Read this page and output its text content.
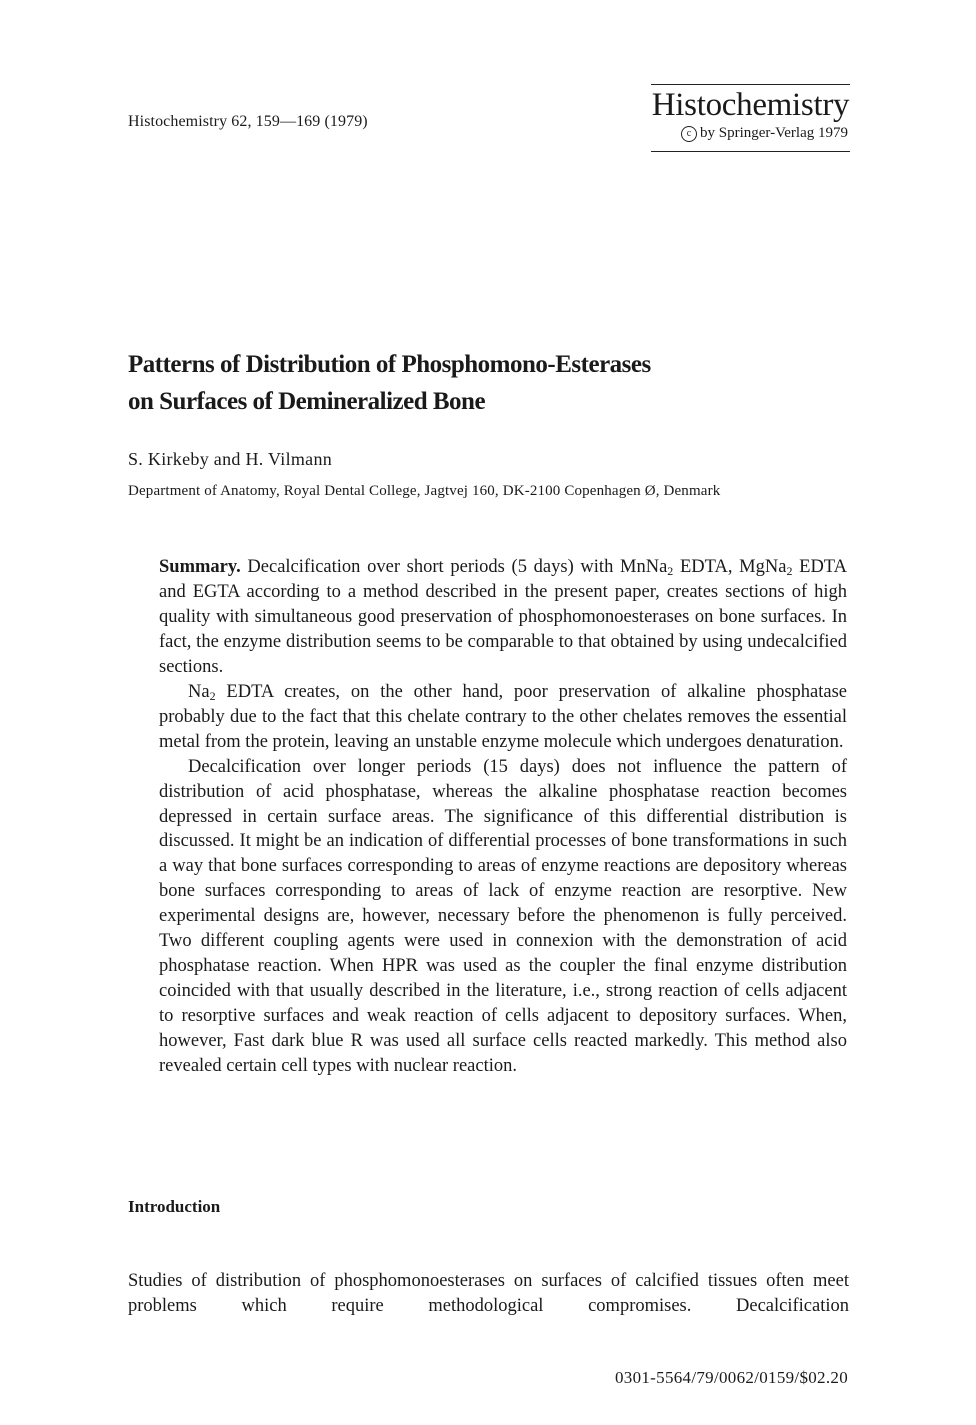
Histochemistry 62, 159—169 (1979)	Histochemistry
c by Springer-Verlag 1979
Patterns of Distribution of Phosphomono-Esterases
on Surfaces of Demineralized Bone
S. Kirkeby and H. Vilmann
Department of Anatomy, Royal Dental College, Jagtvej 160, DK-2100 Copenhagen Ø, Denmark

Summary. Decalcification over short periods (5 days) with MnNa$_2$ EDTA, MgNa$_2$ EDTA and EGTA according to a method described in the present paper, creates sections of high quality with simultaneous good preservation of phosphomonoesterases on bone surfaces. In fact, the enzyme distribution seems to be comparable to that obtained by using undecalcified sections.

$Na_2$ EDTA creates, on the other hand, poor preservation of alkaline phosphatase probably due to the fact that this chelate contrary to the other chelates removes the essential metal from the protein, leaving an unstable enzyme molecule which undergoes denaturation.

Decalcification over longer periods (15 days) does not influence the pattern of distribution of acid phosphatase, whereas the alkaline phosphatase reaction becomes depressed in certain surface areas. The significance of this differential distribution is discussed. It might be an indication of differential processes of bone transformations in such a way that bone surfaces corresponding to areas of enzyme reactions are depository whereas bone surfaces corresponding to areas of lack of enzyme reaction are resorptive. New experimental designs are, however, necessary before the phenomenon is fully perceived. Two different coupling agents were used in connexion with the demonstration of acid phosphatase reaction. When HPR was used as the coupler the final enzyme distribution coincided with that usually described in the literature, i.e., strong reaction of cells adjacent to resorptive surfaces and weak reaction of cells adjacent to depository surfaces. When, however, Fast dark blue R was used all surface cells reacted markedly. This method also revealed certain cell types with nuclear reaction.

Introduction
Studies of distribution of phosphomonoesterases on surfaces of calcified tissues often meet problems which require methodological compromises. Decalcification
0301-5564/79/0062/0159/$02.20
